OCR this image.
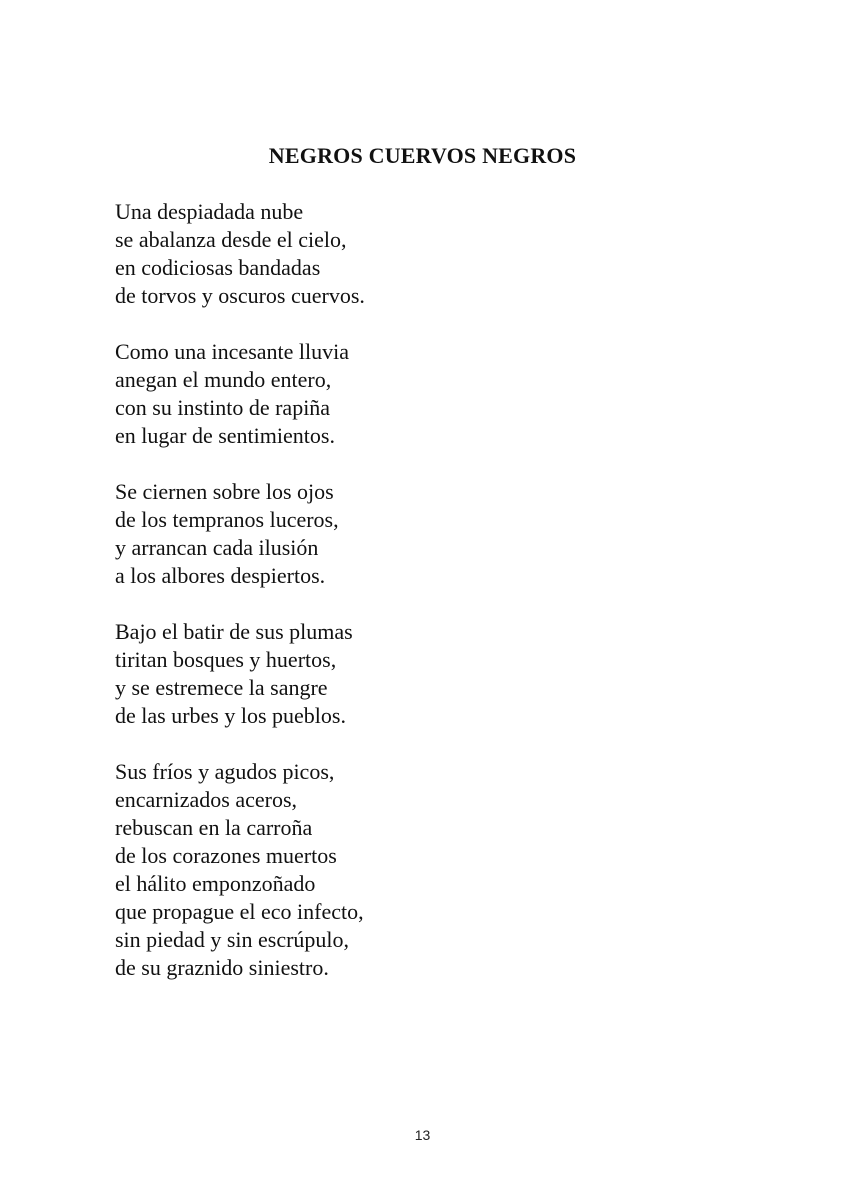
NEGROS CUERVOS NEGROS
Una despiadada nube
se abalanza desde el cielo,
en codiciosas bandadas
de torvos y oscuros cuervos.
Como una incesante lluvia
anegan el mundo entero,
con su instinto de rapiña
en lugar de sentimientos.
Se ciernen sobre los ojos
de los tempranos luceros,
y arrancan cada ilusión
a los albores despiertos.
Bajo el batir de sus plumas
tiritan bosques y huertos,
y se estremece la sangre
de las urbes y los pueblos.
Sus fríos y agudos picos,
encarnizados aceros,
rebuscan en la carroña
de los corazones muertos
el hálito emponzoñado
que propague el eco infecto,
sin piedad y sin escrúpulo,
de su graznido siniestro.
13
